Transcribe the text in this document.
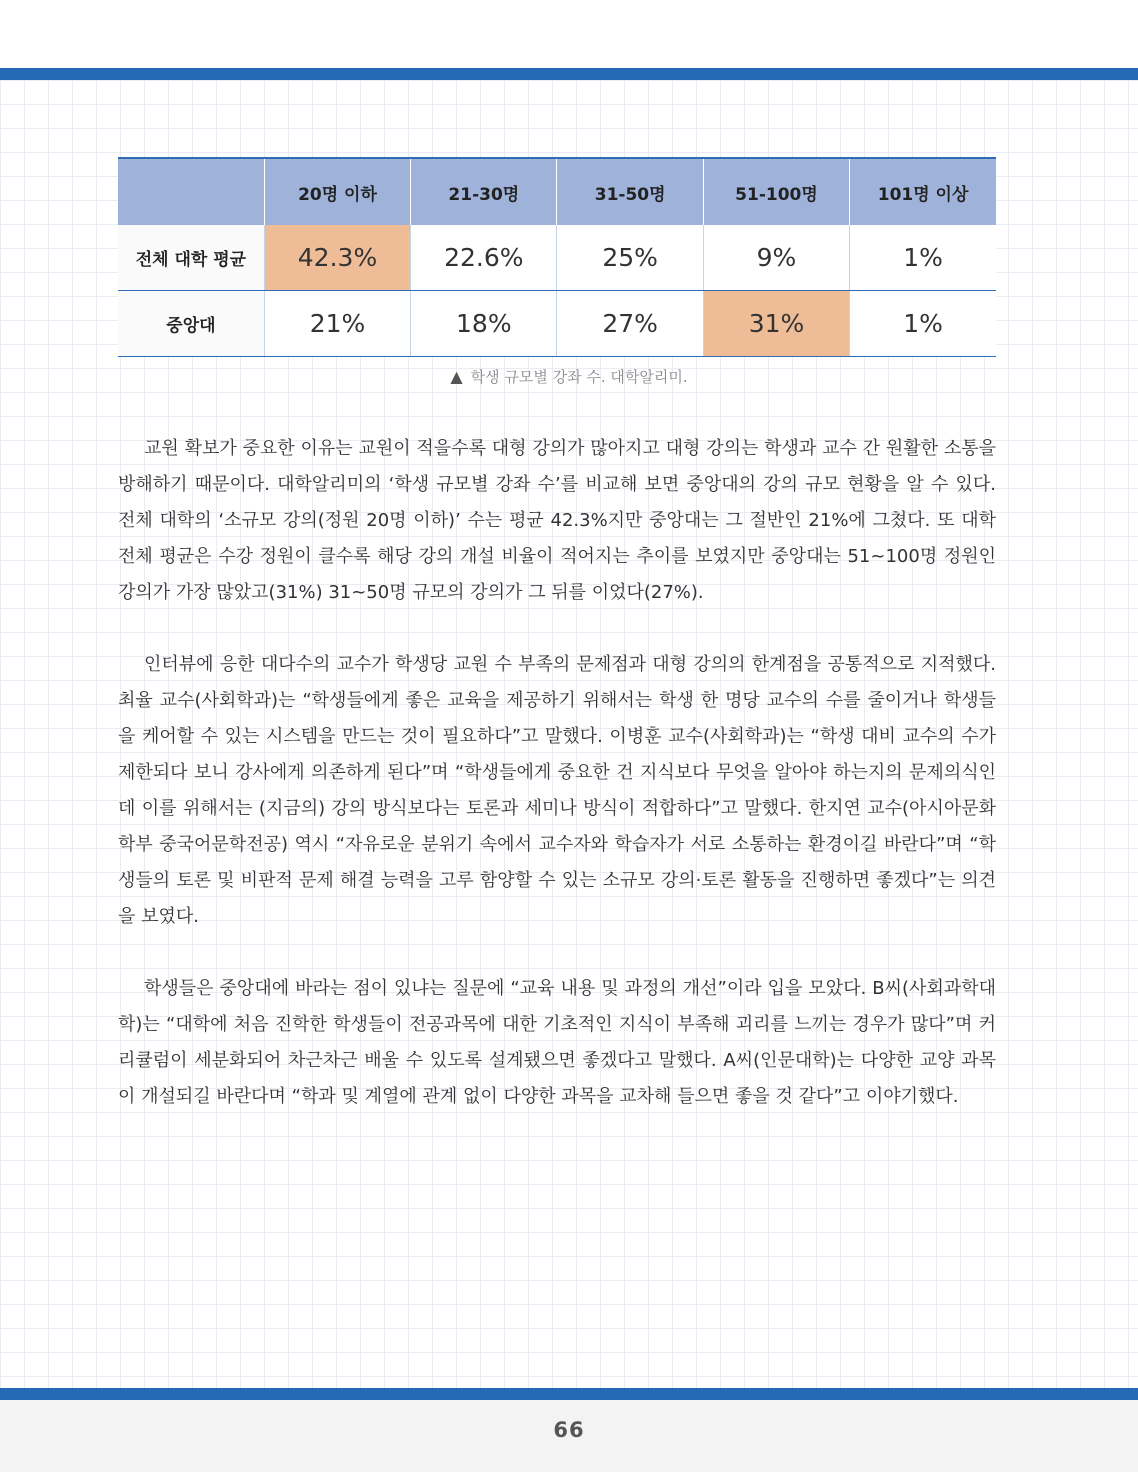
	20명 이하	21-30명	31-50명	51-100명	101명 이상
전체 대학 평균	42.3%	22.6%	25%	9%	1%
중앙대	21%	18%	27%	31%	1%
▲ 학생 규모별 강좌 수. 대학알리미.

교원 확보가 중요한 이유는 교원이 적을수록 대형 강의가 많아지고 대형 강의는 학생과 교수 간 원활한 소통을 방해하기 때문이다. 대학알리미의 ‘학생 규모별 강좌 수’를 비교해 보면 중앙대의 강의 규모 현황을 알 수 있다. 전체 대학의 ‘소규모 강의(정원 20명 이하)’ 수는 평균 42.3%지만 중앙대는 그 절반인 21%에 그쳤다. 또 대학 전체 평균은 수강 정원이 클수록 해당 강의 개설 비율이 적어지는 추이를 보였지만 중앙대는 51~100명 정원인 강의가 가장 많았고(31%) 31~50명 규모의 강의가 그 뒤를 이었다(27%).

인터뷰에 응한 대다수의 교수가 학생당 교원 수 부족의 문제점과 대형 강의의 한계점을 공통적으로 지적했다. 최율 교수(사회학과)는 “학생들에게 좋은 교육을 제공하기 위해서는 학생 한 명당 교수의 수를 줄이거나 학생들을 케어할 수 있는 시스템을 만드는 것이 필요하다”고 말했다. 이병훈 교수(사회학과)는 “학생 대비 교수의 수가 제한되다 보니 강사에게 의존하게 된다”며 “학생들에게 중요한 건 지식보다 무엇을 알아야 하는지의 문제의식인데 이를 위해서는 (지금의) 강의 방식보다는 토론과 세미나 방식이 적합하다”고 말했다. 한지연 교수(아시아문화학부 중국어문학전공) 역시 “자유로운 분위기 속에서 교수자와 학습자가 서로 소통하는 환경이길 바란다”며 “학생들의 토론 및 비판적 문제 해결 능력을 고루 함양할 수 있는 소규모 강의·토론 활동을 진행하면 좋겠다”는 의견을 보였다.

학생들은 중앙대에 바라는 점이 있냐는 질문에 “교육 내용 및 과정의 개선”이라 입을 모았다. B씨(사회과학대학)는 “대학에 처음 진학한 학생들이 전공과목에 대한 기초적인 지식이 부족해 괴리를 느끼는 경우가 많다”며 커리큘럼이 세분화되어 차근차근 배울 수 있도록 설계됐으면 좋겠다고 말했다. A씨(인문대학)는 다양한 교양 과목이 개설되길 바란다며 “학과 및 계열에 관계 없이 다양한 과목을 교차해 들으면 좋을 것 같다”고 이야기했다.

66
